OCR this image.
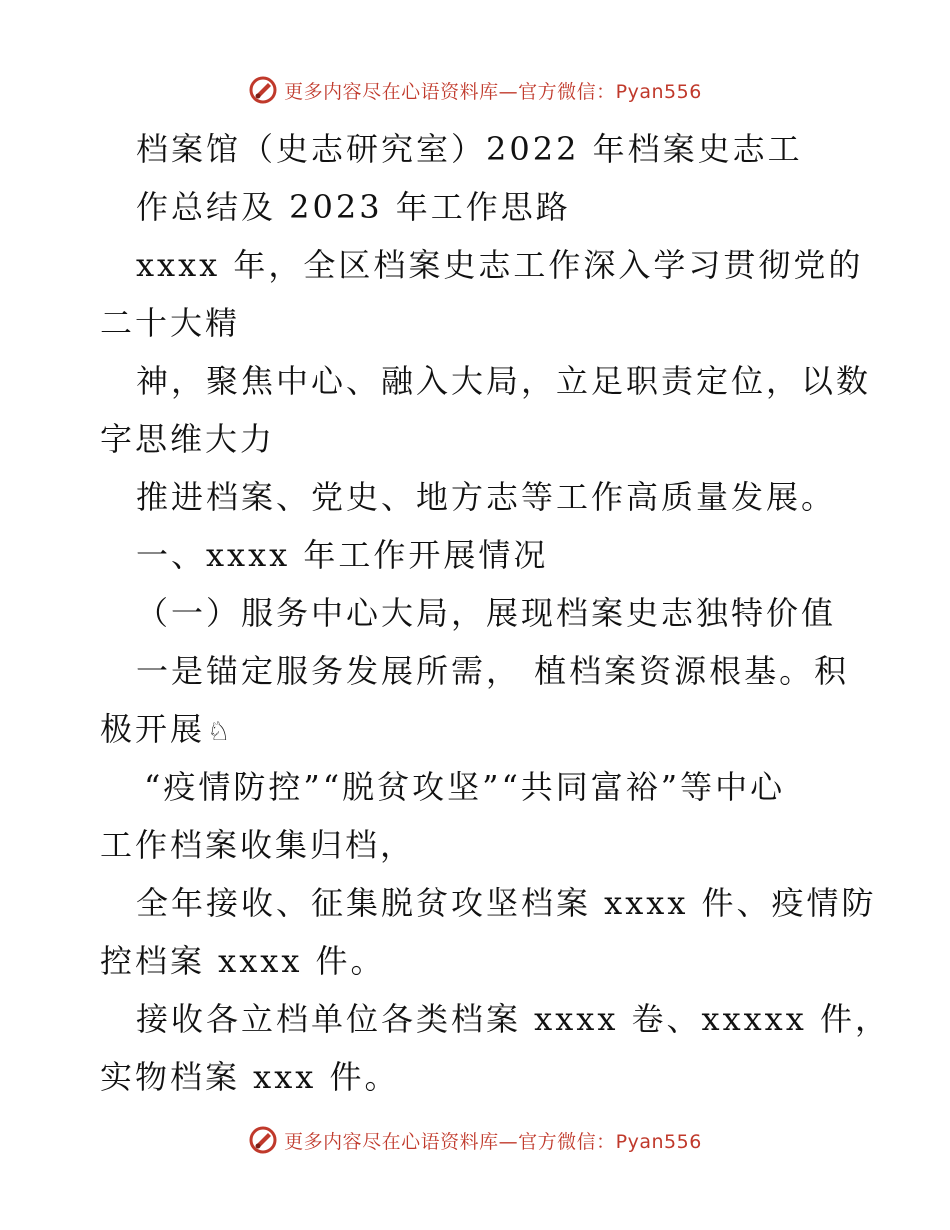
更多内容尽在心语资料库—官方微信：Pyan556
档案馆（史志研究室）2022 年档案史志工
作总结及 2023 年工作思路
xxxx 年，全区档案史志工作深入学习贯彻党的
二十大精
神，聚焦中心、融入大局，立足职责定位，以数
字思维大力
推进档案、党史、地方志等工作高质量发展。
一、xxxx 年工作开展情况
（一）服务中心大局，展现档案史志独特价值
一是锚定服务发展所需， 植档案资源根基。积
极开展♘
“疫情防控”“脱贫攻坚”“共同富裕”等中心
工作档案收集归档，
全年接收、征集脱贫攻坚档案 xxxx 件、疫情防
控档案 xxxx 件。
接收各立档单位各类档案 xxxx 卷、xxxxx 件，
实物档案 xxx 件。
更多内容尽在心语资料库—官方微信：Pyan556
